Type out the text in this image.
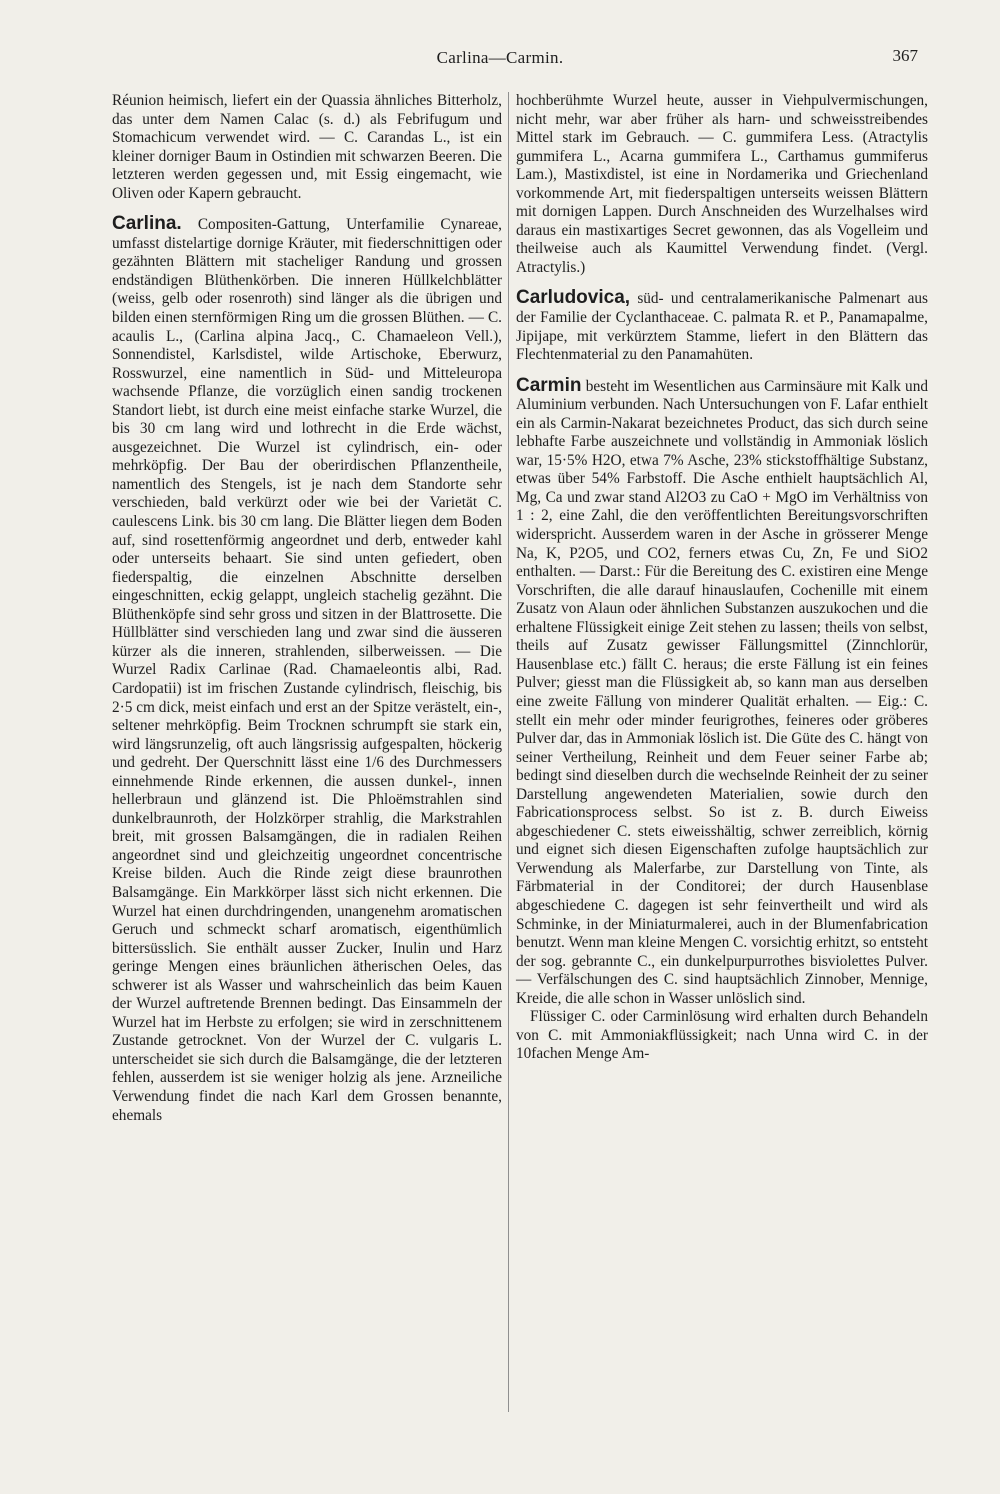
Carlina—Carmin.	367

Réunion heimisch, liefert ein der Quassia ähnliches Bitterholz, das unter dem Namen Calac (s. d.) als Febrifugum und Stomachicum verwendet wird. — C. Carandas L., ist ein kleiner dorniger Baum in Ostindien mit schwarzen Beeren. Die letzteren werden gegessen und, mit Essig eingemacht, wie Oliven oder Kapern gebraucht.

Carlina. Compositen-Gattung, Unterfamilie Cynareae, umfasst distelartige dornige Kräuter, mit fiederschnittigen oder gezähnten Blättern mit stacheliger Randung und grossen endständigen Blüthenkörben. Die inneren Hüllkelchblätter (weiss, gelb oder rosenroth) sind länger als die übrigen und bilden einen sternförmigen Ring um die grossen Blüthen. — C. acaulis L., (Carlina alpina Jacq., C. Chamaeleon Vell.), Sonnendistel, Karlsdistel, wilde Artischoke, Eberwurz, Rosswurzel, eine namentlich in Süd- und Mitteleuropa wachsende Pflanze, die vorzüglich einen sandig trockenen Standort liebt, ist durch eine meist einfache starke Wurzel, die bis 30 cm lang wird und lothrecht in die Erde wächst, ausgezeichnet. Die Wurzel ist cylindrisch, ein- oder mehrköpfig. Der Bau der oberirdischen Pflanzentheile, namentlich des Stengels, ist je nach dem Standorte sehr verschieden, bald verkürzt oder wie bei der Varietät C. caulescens Link. bis 30 cm lang. Die Blätter liegen dem Boden auf, sind rosettenförmig angeordnet und derb, entweder kahl oder unterseits behaart. Sie sind unten gefiedert, oben fiederspaltig, die einzelnen Abschnitte derselben eingeschnitten, eckig gelappt, ungleich stachelig gezähnt. Die Blüthenköpfe sind sehr gross und sitzen in der Blattrosette. Die Hüllblätter sind verschieden lang und zwar sind die äusseren kürzer als die inneren, strahlenden, silberweissen. — Die Wurzel Radix Carlinae (Rad. Chamaeleontis albi, Rad. Cardopatii) ist im frischen Zustande cylindrisch, fleischig, bis 2·5 cm dick, meist einfach und erst an der Spitze verästelt, ein-, seltener mehrköpfig. Beim Trocknen schrumpft sie stark ein, wird längsrunzelig, oft auch längsrissig aufgespalten, höckerig und gedreht. Der Querschnitt lässt eine 1/6 des Durchmessers einnehmende Rinde erkennen, die aussen dunkel-, innen hellerbraun und glänzend ist. Die Phloëmstrahlen sind dunkelbraunroth, der Holzkörper strahlig, die Markstrahlen breit, mit grossen Balsamgängen, die in radialen Reihen angeordnet sind und gleichzeitig ungeordnet concentrische Kreise bilden. Auch die Rinde zeigt diese braunrothen Balsamgänge. Ein Markkörper lässt sich nicht erkennen. Die Wurzel hat einen durchdringenden, unangenehm aromatischen Geruch und schmeckt scharf aromatisch, eigenthümlich bittersüsslich. Sie enthält ausser Zucker, Inulin und Harz geringe Mengen eines bräunlichen ätherischen Oeles, das schwerer ist als Wasser und wahrscheinlich das beim Kauen der Wurzel auftretende Brennen bedingt. Das Einsammeln der Wurzel hat im Herbste zu erfolgen; sie wird in zerschnittenem Zustande getrocknet. Von der Wurzel der C. vulgaris L. unterscheidet sie sich durch die Balsamgänge, die der letzteren fehlen, ausserdem ist sie weniger holzig als jene. Arzneiliche Verwendung findet die nach Karl dem Grossen benannte, ehemals

hochberühmte Wurzel heute, ausser in Viehpulvermischungen, nicht mehr, war aber früher als harn- und schweisstreibendes Mittel stark im Gebrauch. — C. gummifera Less. (Atractylis gummifera L., Acarna gummifera L., Carthamus gummiferus Lam.), Mastixdistel, ist eine in Nordamerika und Griechenland vorkommende Art, mit fiederspaltigen unterseits weissen Blättern mit dornigen Lappen. Durch Anschneiden des Wurzelhalses wird daraus ein mastixartiges Secret gewonnen, das als Vogelleim und theilweise auch als Kaumittel Verwendung findet. (Vergl. Atractylis.)

Carludovica, süd- und centralamerikanische Palmenart aus der Familie der Cyclanthaceae. C. palmata R. et P., Panamapalme, Jipijape, mit verkürztem Stamme, liefert in den Blättern das Flechtenmaterial zu den Panamahüten.

Carmin besteht im Wesentlichen aus Carminsäure mit Kalk und Aluminium verbunden. Nach Untersuchungen von F. Lafar enthielt ein als Carmin-Nakarat bezeichnetes Product, das sich durch seine lebhafte Farbe auszeichnete und vollständig in Ammoniak löslich war, 15·5% H2O, etwa 7% Asche, 23% stickstoffhältige Substanz, etwas über 54% Farbstoff. Die Asche enthielt hauptsächlich Al, Mg, Ca und zwar stand Al2O3 zu CaO + MgO im Verhältniss von 1 : 2, eine Zahl, die den veröffentlichten Bereitungsvorschriften widerspricht. Ausserdem waren in der Asche in grösserer Menge Na, K, P2O5, und CO2, ferners etwas Cu, Zn, Fe und SiO2 enthalten. — Darst.: Für die Bereitung des C. existiren eine Menge Vorschriften, die alle darauf hinauslaufen, Cochenille mit einem Zusatz von Alaun oder ähnlichen Substanzen auszukochen und die erhaltene Flüssigkeit einige Zeit stehen zu lassen; theils von selbst, theils auf Zusatz gewisser Fällungsmittel (Zinnchlorür, Hausenblase etc.) fällt C. heraus; die erste Fällung ist ein feines Pulver; giesst man die Flüssigkeit ab, so kann man aus derselben eine zweite Fällung von minderer Qualität erhalten. — Eig.: C. stellt ein mehr oder minder feurigrothes, feineres oder gröberes Pulver dar, das in Ammoniak löslich ist. Die Güte des C. hängt von seiner Vertheilung, Reinheit und dem Feuer seiner Farbe ab; bedingt sind dieselben durch die wechselnde Reinheit der zu seiner Darstellung angewendeten Materialien, sowie durch den Fabricationsprocess selbst. So ist z. B. durch Eiweiss abgeschiedener C. stets eiweisshältig, schwer zerreiblich, körnig und eignet sich diesen Eigenschaften zufolge hauptsächlich zur Verwendung als Malerfarbe, zur Darstellung von Tinte, als Färbmaterial in der Conditorei; der durch Hausenblase abgeschiedene C. dagegen ist sehr feinvertheilt und wird als Schminke, in der Miniaturmalerei, auch in der Blumenfabrication benutzt. Wenn man kleine Mengen C. vorsichtig erhitzt, so entsteht der sog. gebrannte C., ein dunkelpurpurrothes bisviolettes Pulver. — Verfälschungen des C. sind hauptsächlich Zinnober, Mennige, Kreide, die alle schon in Wasser unlöslich sind.

Flüssiger C. oder Carminlösung wird erhalten durch Behandeln von C. mit Ammoniakflüssigkeit; nach Unna wird C. in der 10fachen Menge Am-
